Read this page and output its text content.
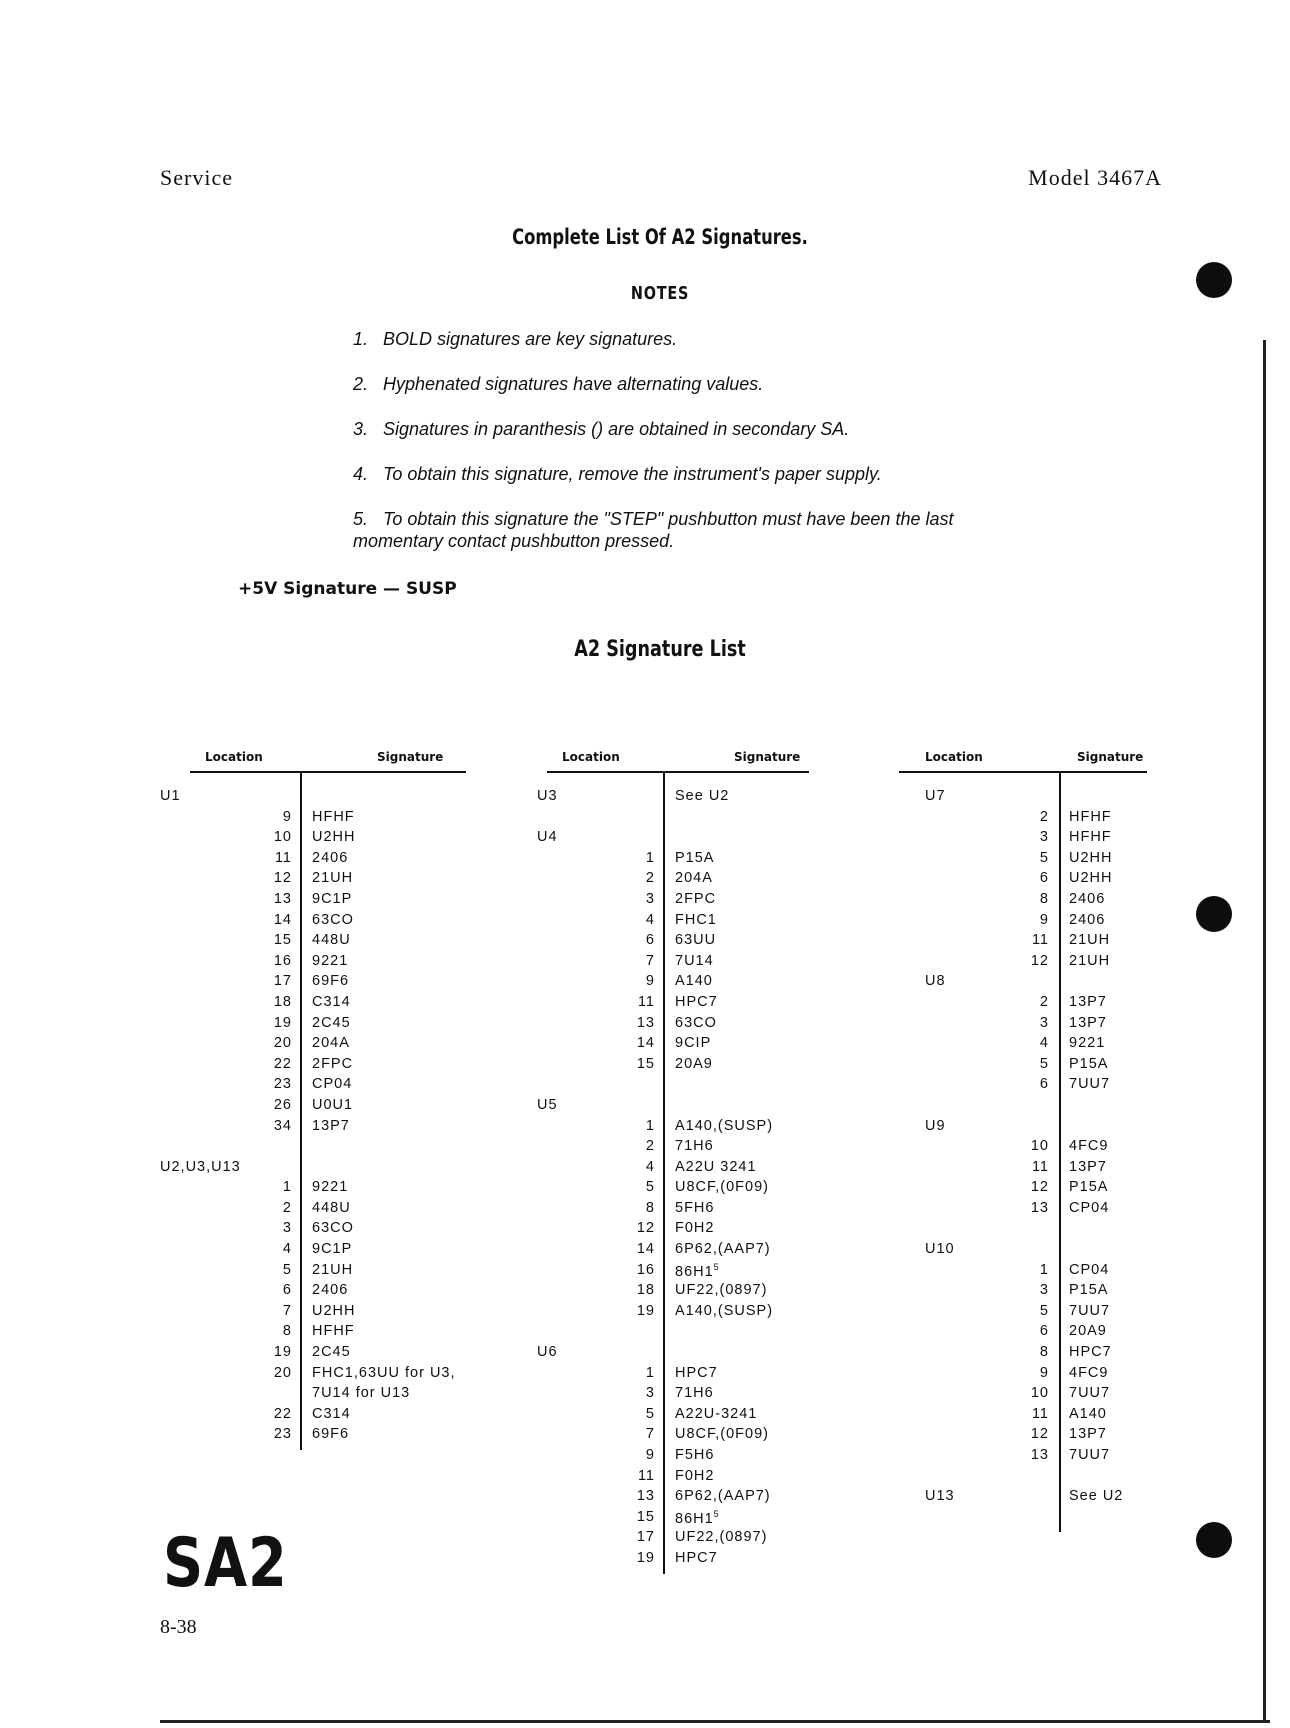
Service	Model 3467A
Complete List Of A2 Signatures.
NOTES
1. BOLD signatures are key signatures.
2. Hyphenated signatures have alternating values.
3. Signatures in paranthesis () are obtained in secondary SA.
4. To obtain this signature, remove the instrument's paper supply.
5. To obtain this signature the "STEP" pushbutton must have been the last momentary contact pushbutton pressed.
+5V Signature — SUSP
A2 Signature List
Location	Signature
U1
9 HFHF
10 U2HH
11 2406
12 21UH
13 9C1P
14 63CO
15 448U
16 9221
17 69F6
18 C314
19 2C45
20 204A
22 2FPC
23 CP04
26 U0U1
34 13P7
U2,U3,U13
1 9221
2 448U
3 63CO
4 9C1P
5 21UH
6 2406
7 U2HH
8 HFHF
19 2C45
20 FHC1,63UU for U3,
7U14 for U13
22 C314
23 69F6
Location	Signature
U3	See U2
U4
1 P15A
2 204A
3 2FPC
4 FHC1
6 63UU
7 7U14
9 A140
11 HPC7
13 63CO
14 9CIP
15 20A9
U5
1 A140,(SUSP)
2 71H6
4 A22U 3241
5 U8CF,(0F09)
8 5FH6
12 F0H2
14 6P62,(AAP7)
16 $86H1^5$
18 UF22,(0897)
19 A140,(SUSP)
U6
1 HPC7
3 71H6
5 A22U-3241
7 U8CF,(0F09)
9 F5H6
11 F0H2
13 6P62,(AAP7)
15 $86H1^5$
17 UF22,(0897)
19 HPC7
Location	Signature
U7
2 HFHF
3 HFHF
5 U2HH
6 U2HH
8 2406
9 2406
11 21UH
12 21UH
U8
2 13P7
3 13P7
4 9221
5 P15A
6 7UU7
U9
10 4FC9
11 13P7
12 P15A
13 CP04
U10
1 CP04
3 P15A
5 7UU7
6 20A9
8 HPC7
9 4FC9
10 7UU7
11 A140
12 13P7
13 7UU7
U13	See U2
SA2
8-38
